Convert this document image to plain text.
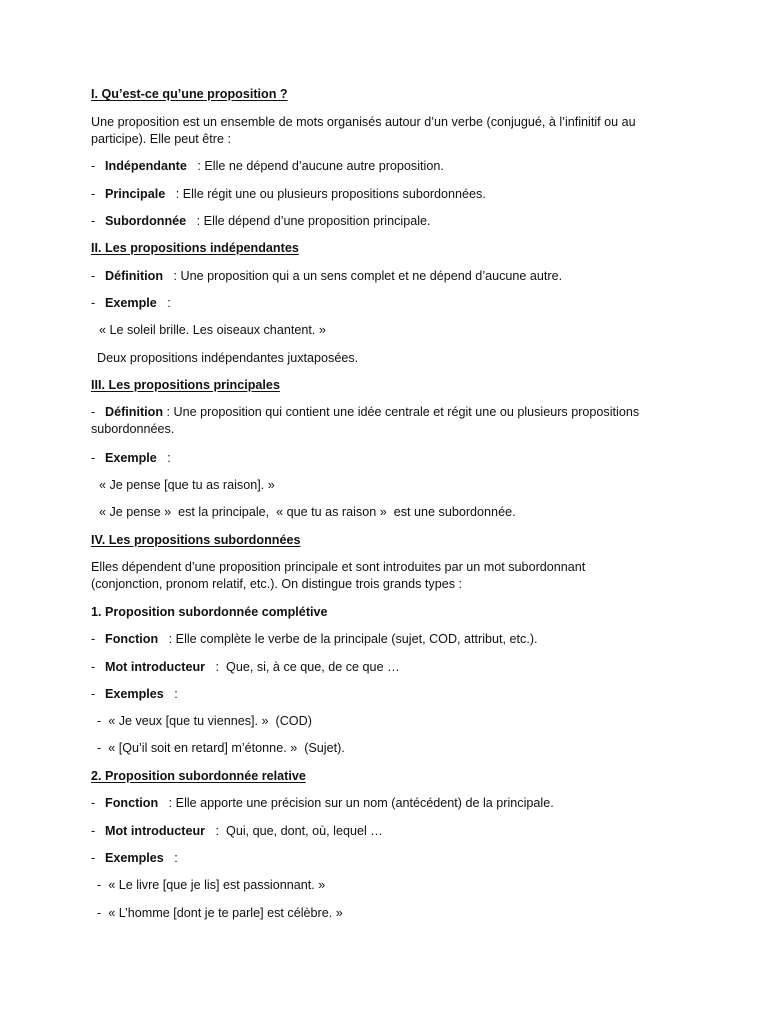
I. Qu’est-ce qu’une proposition ?
Une proposition est un ensemble de mots organisés autour d’un verbe (conjugué, à l’infinitif ou au participe). Elle peut être :
- Indépendante   : Elle ne dépend d’aucune autre proposition.
- Principale   : Elle régit une ou plusieurs propositions subordonnées.
- Subordonnée   : Elle dépend d’une proposition principale.
II. Les propositions indépendantes
- Définition   : Une proposition qui a un sens complet et ne dépend d’aucune autre.
- Exemple   :
« Le soleil brille. Les oiseaux chantent. »
Deux propositions indépendantes juxtaposées.
III. Les propositions principales
- Définition : Une proposition qui contient une idée centrale et régit une ou plusieurs propositions subordonnées.
- Exemple   :
« Je pense [que tu as raison]. »
« Je pense »  est la principale,  « que tu as raison »  est une subordonnée.
IV. Les propositions subordonnées
Elles dépendent d’une proposition principale et sont introduites par un mot subordonnant (conjonction, pronom relatif, etc.). On distingue trois grands types :
1. Proposition subordonnée complétive
- Fonction   : Elle complète le verbe de la principale (sujet, COD, attribut, etc.).
- Mot introducteur   :  Que, si, à ce que, de ce que …
- Exemples   :
-  « Je veux [que tu viennes]. »  (COD)
-  « [Qu’il soit en retard] m’étonne. »  (Sujet).
2. Proposition subordonnée relative
- Fonction   : Elle apporte une précision sur un nom (antécédent) de la principale.
- Mot introducteur   :  Qui, que, dont, où, lequel …
- Exemples   :
-  « Le livre [que je lis] est passionnant. »
-  « L’homme [dont je te parle] est célèbre. »
